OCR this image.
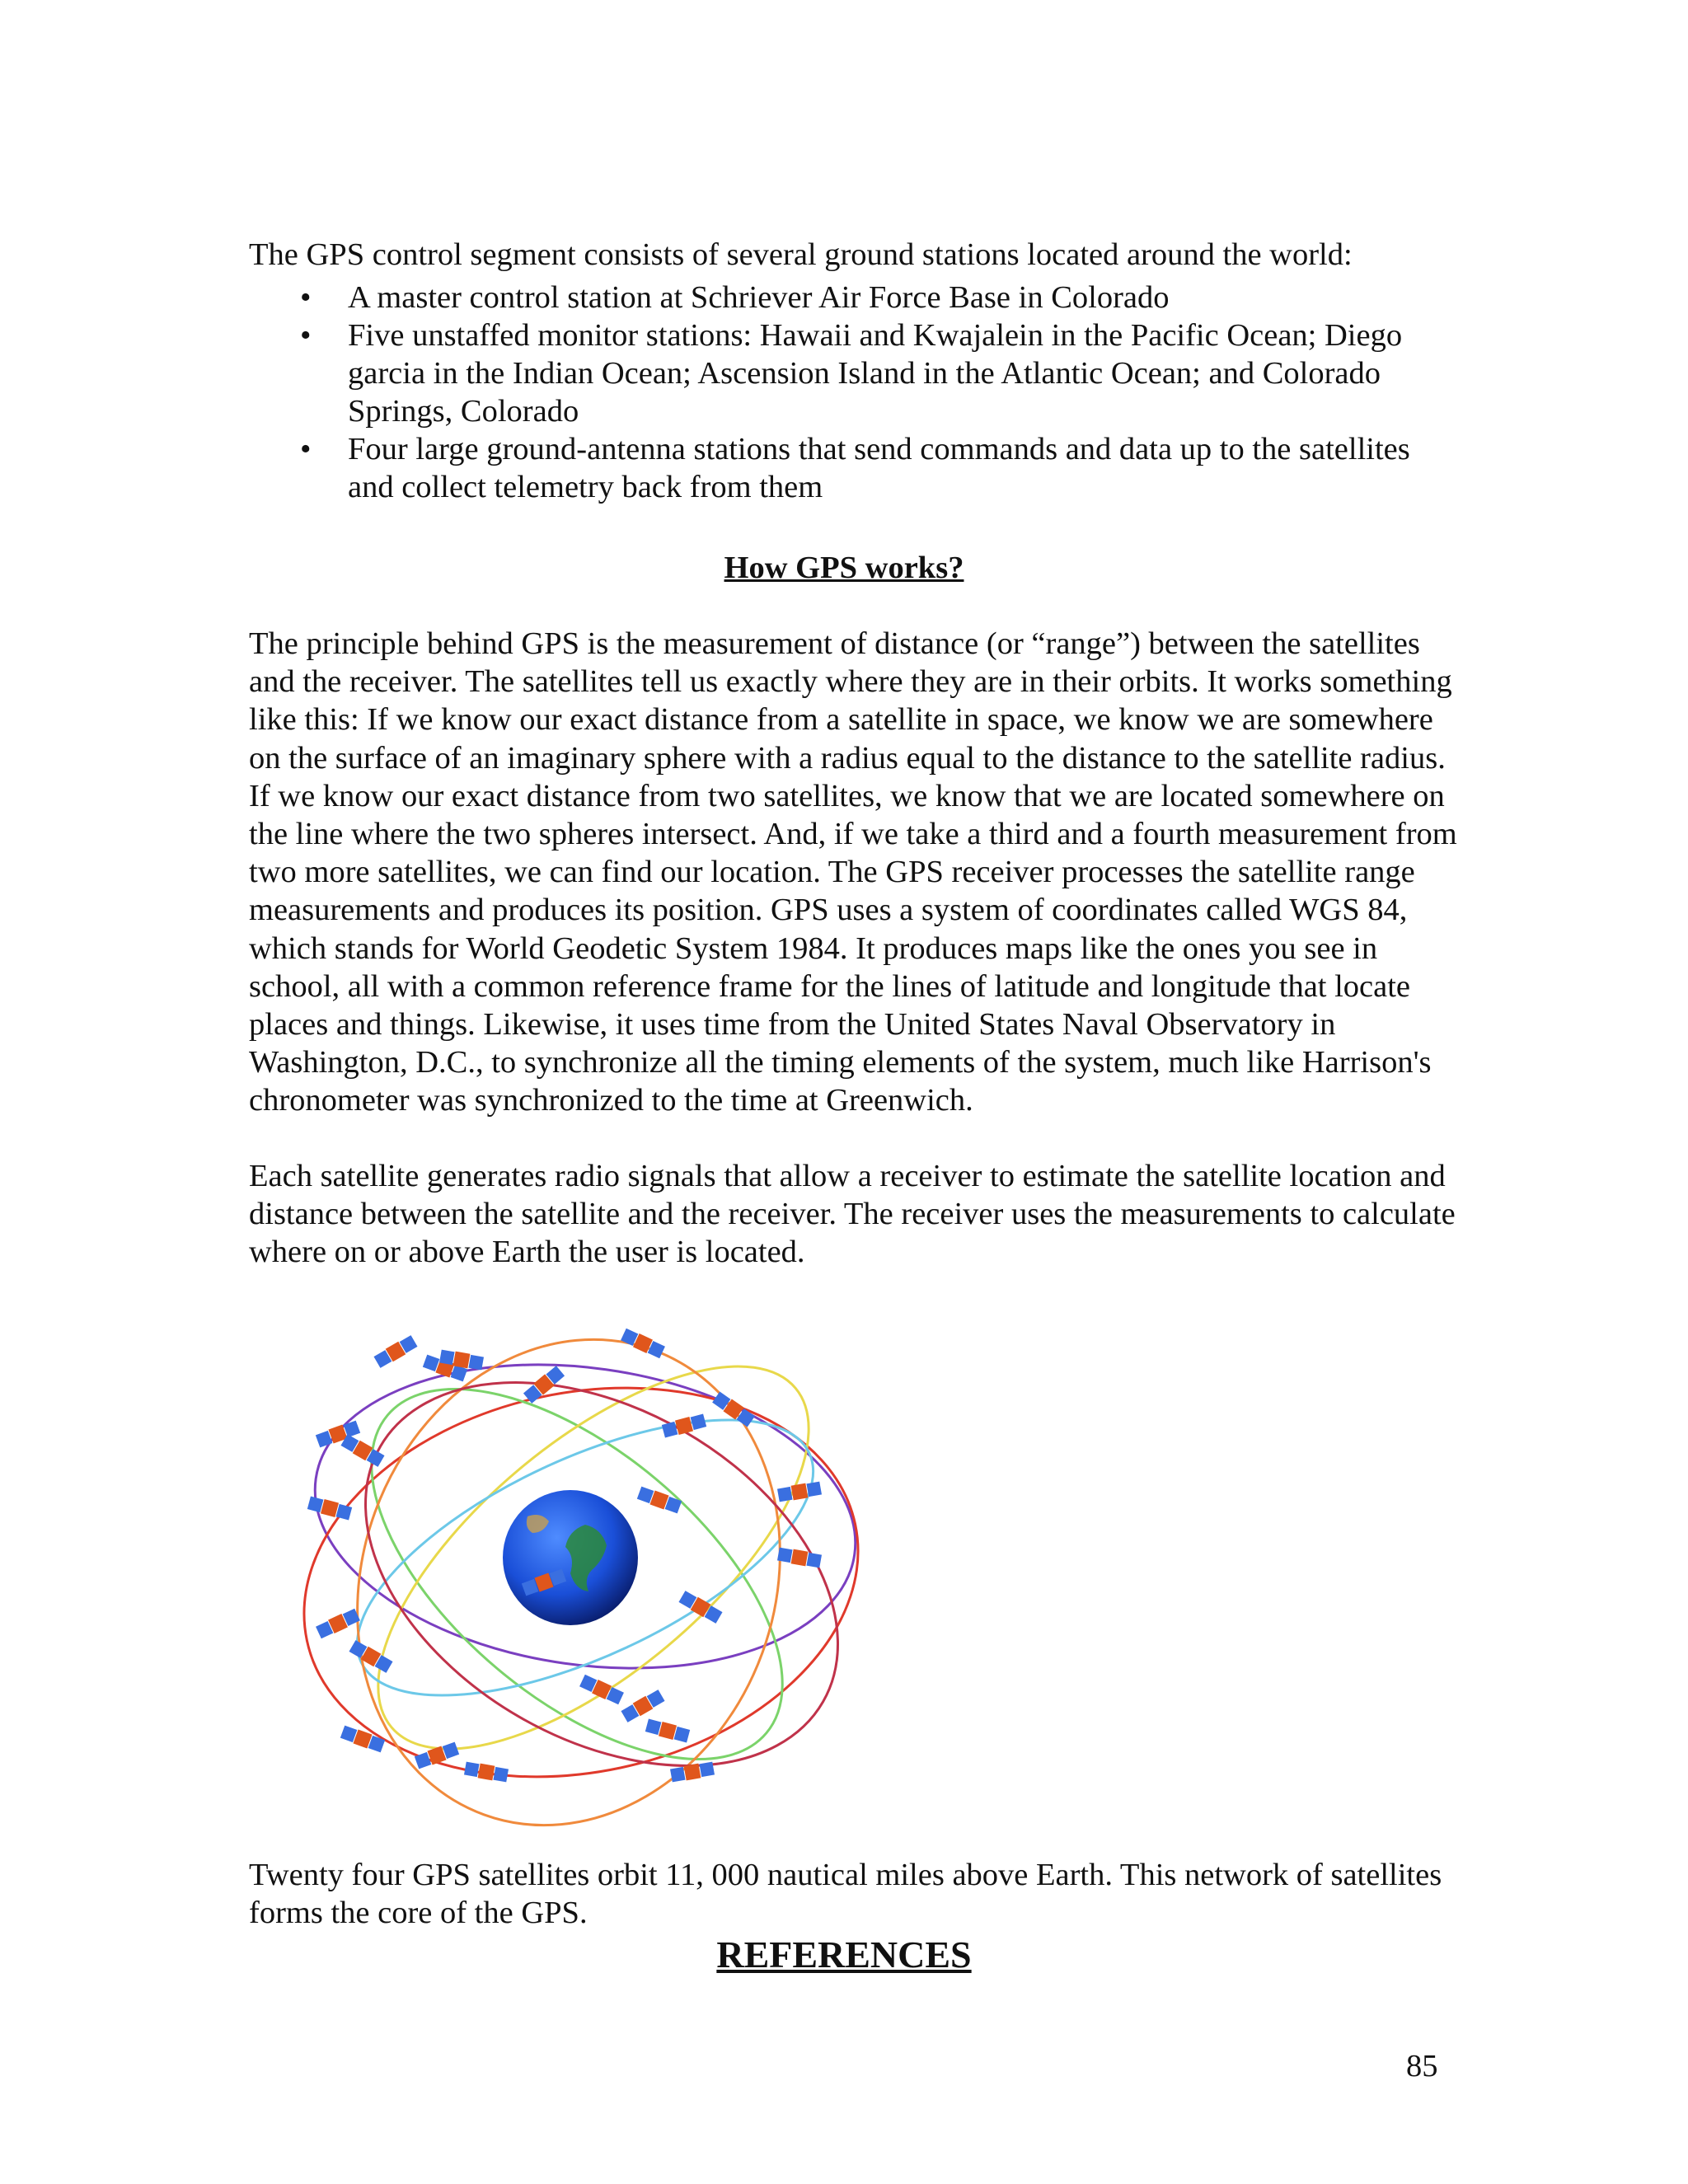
The GPS control segment consists of several ground stations located around the world:

• A master control station at Schriever Air Force Base in Colorado
• Five unstaffed monitor stations: Hawaii and Kwajalein in the Pacific Ocean; Diego garcia in the Indian Ocean; Ascension Island in the Atlantic Ocean; and Colorado Springs, Colorado
• Four large ground-antenna stations that send commands and data up to the satellites and collect telemetry back from them
How GPS works?

The principle behind GPS is the measurement of distance (or “range”) between the satellites and the receiver. The satellites tell us exactly where they are in their orbits. It works something like this: If we know our exact distance from a satellite in space, we know we are somewhere on the surface of an imaginary sphere with a radius equal to the distance to the satellite radius. If we know our exact distance from two satellites, we know that we are located somewhere on the line where the two spheres intersect. And, if we take a third and a fourth measurement from two more satellites, we can find our location. The GPS receiver processes the satellite range measurements and produces its position. GPS uses a system of coordinates called WGS 84, which stands for World Geodetic System 1984. It produces maps like the ones you see in school, all with a common reference frame for the lines of latitude and longitude that locate places and things. Likewise, it uses time from the United States Naval Observatory in Washington, D.C., to synchronize all the timing elements of the system, much like Harrison's chronometer was synchronized to the time at Greenwich.

Each satellite generates radio signals that allow a receiver to estimate the satellite location and distance between the satellite and the receiver. The receiver uses the measurements to calculate where on or above Earth the user is located.

Twenty four GPS satellites orbit 11, 000 nautical miles above Earth. This network of satellites forms the core of the GPS.

REFERENCES
85
